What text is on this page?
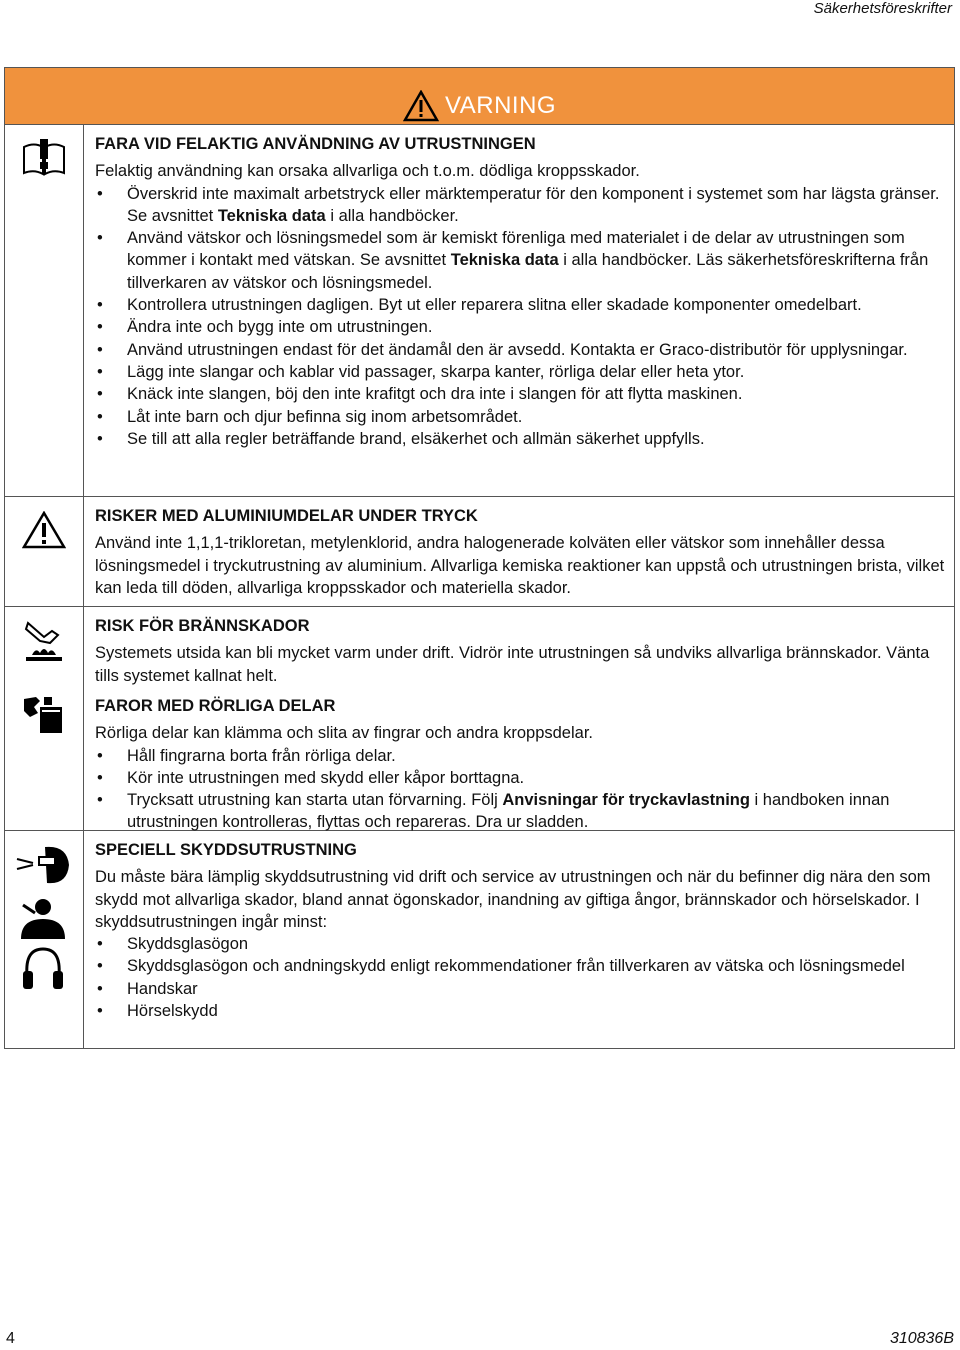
Säkerhetsföreskrifter
VARNING
FARA VID FELAKTIG ANVÄNDNING AV UTRUSTNINGEN

Felaktig användning kan orsaka allvarliga och t.o.m. dödliga kroppsskador.

• Överskrid inte maximalt arbetstryck eller märktemperatur för den komponent i systemet som har lägsta gränser. Se avsnittet Tekniska data i alla handböcker.
• Använd vätskor och lösningsmedel som är kemiskt förenliga med materialet i de delar av utrustningen som kommer i kontakt med vätskan. Se avsnittet Tekniska data i alla handböcker. Läs säkerhetsföreskrifterna från tillverkaren av vätskor och lösningsmedel.
• Kontrollera utrustningen dagligen. Byt ut eller reparera slitna eller skadade komponenter omedelbart.
• Ändra inte och bygg inte om utrustningen.
• Använd utrustningen endast för det ändamål den är avsedd. Kontakta er Graco-distributör för upplysningar.
• Lägg inte slangar och kablar vid passager, skarpa kanter, rörliga delar eller heta ytor.
• Knäck inte slangen, böj den inte krafitgt och dra inte i slangen för att flytta maskinen.
• Låt inte barn och djur befinna sig inom arbetsområdet.
• Se till att alla regler beträffande brand, elsäkerhet och allmän säkerhet uppfylls.
RISKER MED ALUMINIUMDELAR UNDER TRYCK

Använd inte 1,1,1-trikloretan, metylenklorid, andra halogenerade kolväten eller vätskor som innehåller dessa lösningsmedel i tryckutrustning av aluminium. Allvarliga kemiska reaktioner kan uppstå och utrustningen brista, vilket kan leda till döden, allvarliga kroppsskador och materiella skador.

RISK FÖR BRÄNNSKADOR

Systemets utsida kan bli mycket varm under drift. Vidrör inte utrustningen så undviks allvarliga brännskador. Vänta tills systemet kallnat helt.

FAROR MED RÖRLIGA DELAR

Rörliga delar kan klämma och slita av fingrar och andra kroppsdelar.

• Håll fingrarna borta från rörliga delar.
• Kör inte utrustningen med skydd eller kåpor borttagna.
• Trycksatt utrustning kan starta utan förvarning. Följ Anvisningar för tryckavlastning i handboken innan utrustningen kontrolleras, flyttas och repareras. Dra ur sladden.
SPECIELL SKYDDSUTRUSTNING

Du måste bära lämplig skyddsutrustning vid drift och service av utrustningen och när du befinner dig nära den som skydd mot allvarliga skador, bland annat ögonskador, inandning av giftiga ångor, brännskador och hörselskador. I skyddsutrustningen ingår minst:

• Skyddsglasögon
• Skyddsglasögon och andningskydd enligt rekommendationer från tillverkaren av vätska och lösningsmedel
• Handskar
• Hörselskydd
4	310836B
